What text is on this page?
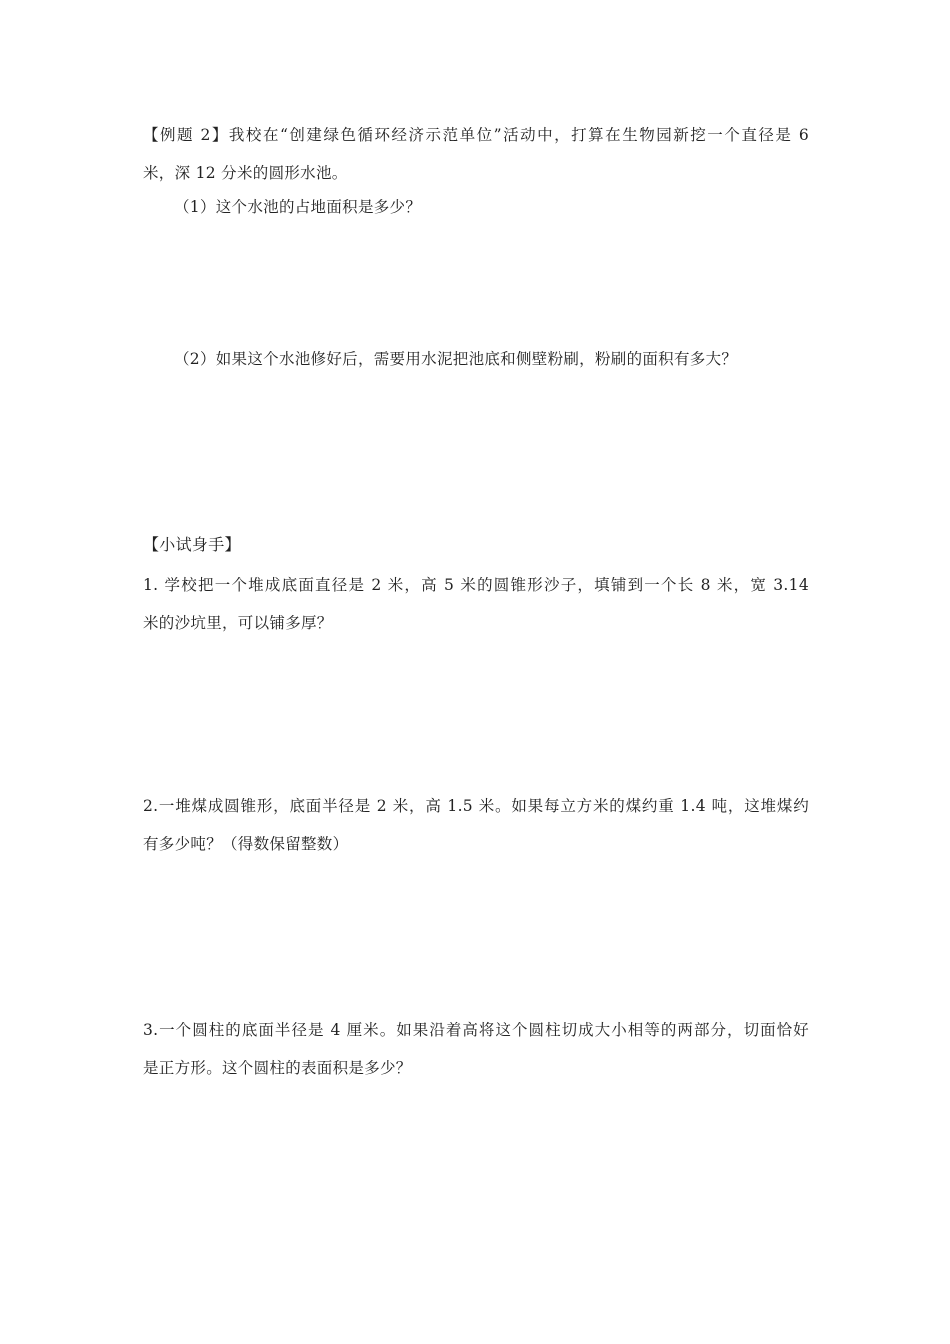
【例题 2】我校在“创建绿色循环经济示范单位”活动中，打算在生物园新挖一个直径是 6
米，深 12 分米的圆形水池。
（1）这个水池的占地面积是多少？
（2）如果这个水池修好后，需要用水泥把池底和侧壁粉刷，粉刷的面积有多大？
【小试身手】
1. 学校把一个堆成底面直径是 2 米，高 5 米的圆锥形沙子，填铺到一个长 8 米，宽 3.14
米的沙坑里，可以铺多厚？
2.一堆煤成圆锥形，底面半径是 2 米，高 1.5 米。如果每立方米的煤约重 1.4 吨，这堆煤约
有多少吨？（得数保留整数）
3.一个圆柱的底面半径是 4 厘米。如果沿着高将这个圆柱切成大小相等的两部分，切面恰好
是正方形。这个圆柱的表面积是多少？
